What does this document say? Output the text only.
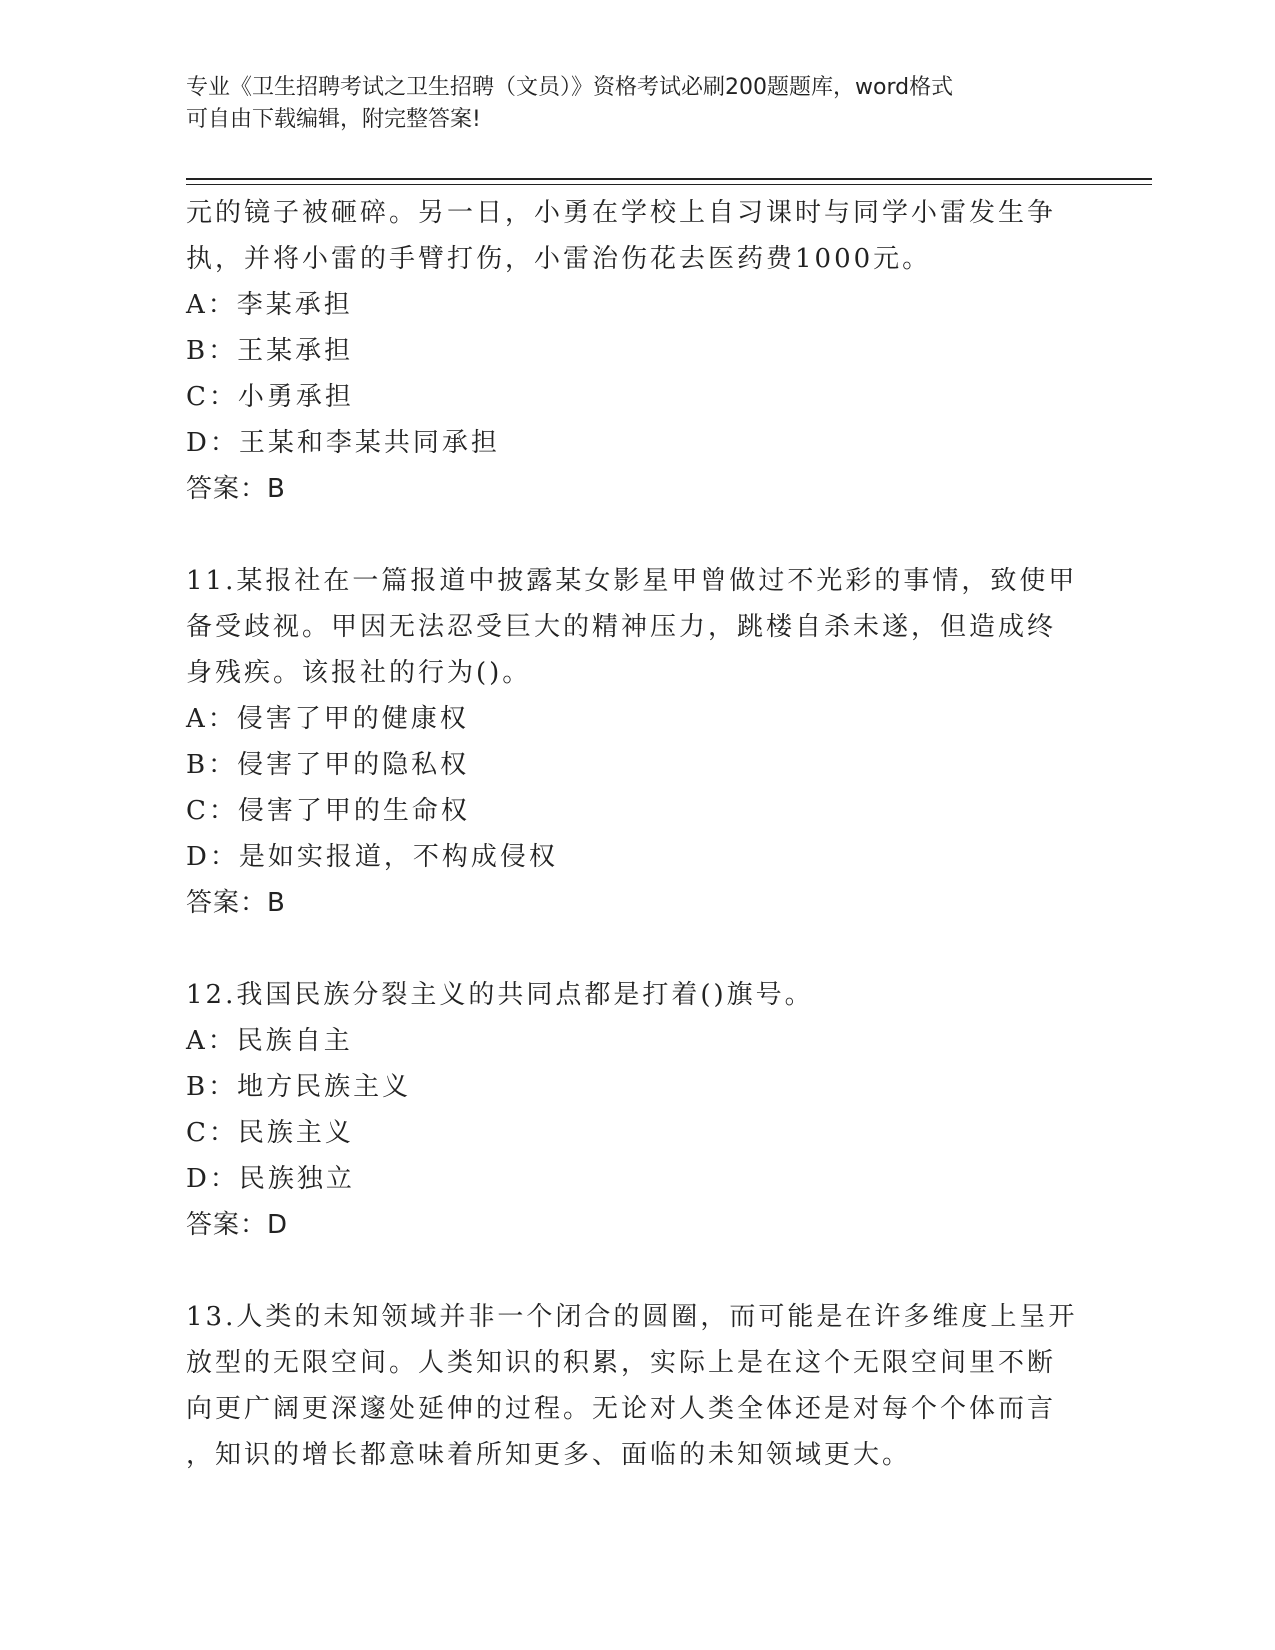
专业《卫生招聘考试之卫生招聘（文员）》资格考试必刷200题题库，word格式
可自由下载编辑，附完整答案!
元的镜子被砸碎。另一日，小勇在学校上自习课时与同学小雷发生争
执，并将小雷的手臂打伤，小雷治伤花去医药费1000元。
A：李某承担
B：王某承担
C：小勇承担
D：王某和李某共同承担
答案：B
11.某报社在一篇报道中披露某女影星甲曾做过不光彩的事情，致使甲
备受歧视。甲因无法忍受巨大的精神压力，跳楼自杀未遂，但造成终
身残疾。该报社的行为()。
A：侵害了甲的健康权
B：侵害了甲的隐私权
C：侵害了甲的生命权
D：是如实报道，不构成侵权
答案：B
12.我国民族分裂主义的共同点都是打着()旗号。
A：民族自主
B：地方民族主义
C：民族主义
D：民族独立
答案：D
13.人类的未知领域并非一个闭合的圆圈，而可能是在许多维度上呈开
放型的无限空间。人类知识的积累，实际上是在这个无限空间里不断
向更广阔更深邃处延伸的过程。无论对人类全体还是对每个个体而言
，知识的增长都意味着所知更多、面临的未知领域更大。
